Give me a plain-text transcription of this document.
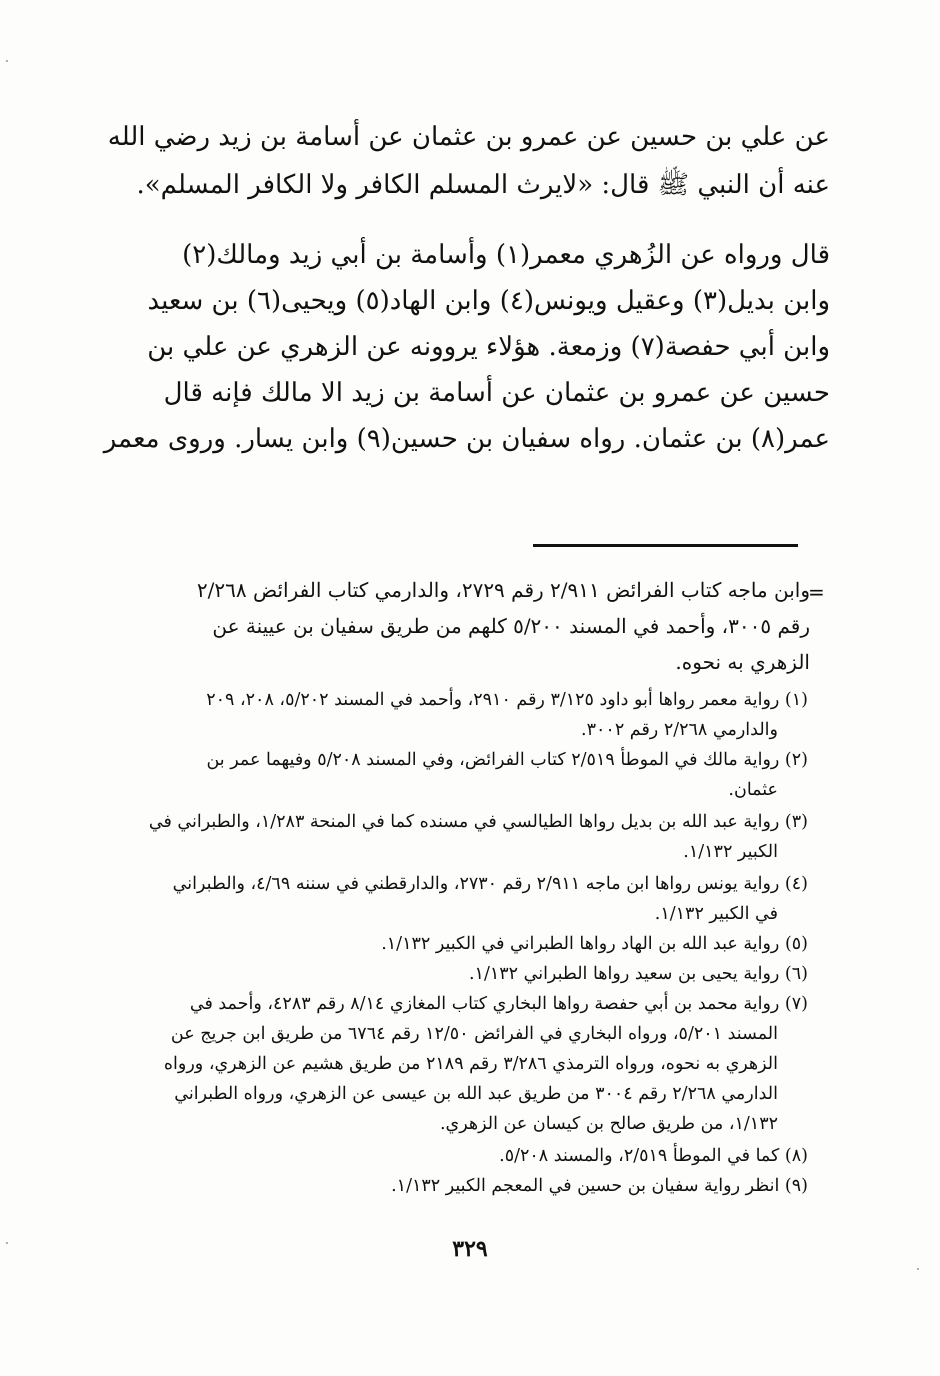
عن علي بن حسين عن عمرو بن عثمان عن أسامة بن زيد رضي الله
عنه أن النبي ﷺ قال: «لايرث المسلم الكافر ولا الكافر المسلم».
قال ورواه عن الزُهري معمر(١) وأسامة بن أبي زيد ومالك(٢)
وابن بديل(٣) وعقيل ويونس(٤) وابن الهاد(٥) ويحيى(٦) بن سعيد
وابن أبي حفصة(٧) وزمعة. هؤلاء يروونه عن الزهري عن علي بن
حسين عن عمرو بن عثمان عن أسامة بن زيد الا مالك فإنه قال
عمر(٨) بن عثمان. رواه سفيان بن حسين(٩) وابن يسار. وروى معمر
=
وابن ماجه كتاب الفرائض ٢/٩١١ رقم ٢٧٢٩، والدارمي كتاب الفرائض ٢/٢٦٨
رقم ٣٠٠٥، وأحمد في المسند ٥/٢٠٠ كلهم من طريق سفيان بن عيينة عن
الزهري به نحوه.
(١) رواية معمر رواها أبو داود ٣/١٢٥ رقم ٢٩١٠، وأحمد في المسند ٥/٢٠٢، ٢٠٨، ٢٠٩
والدارمي ٢/٢٦٨ رقم ٣٠٠٢.
(٢) رواية مالك في الموطأ ٢/٥١٩ كتاب الفرائض، وفي المسند ٥/٢٠٨ وفيهما عمر بن
عثمان.
(٣) رواية عبد الله بن بديل رواها الطيالسي في مسنده كما في المنحة ١/٢٨٣، والطبراني في
الكبير ١/١٣٢.
(٤) رواية يونس رواها ابن ماجه ٢/٩١١ رقم ٢٧٣٠، والدارقطني في سننه ٤/٦٩، والطبراني
في الكبير ١/١٣٢.
(٥) رواية عبد الله بن الهاد رواها الطبراني في الكبير ١/١٣٢.
(٦) رواية يحيى بن سعيد رواها الطبراني ١/١٣٢.
(٧) رواية محمد بن أبي حفصة رواها البخاري كتاب المغازي ٨/١٤ رقم ٤٢٨٣، وأحمد في
المسند ٥/٢٠١، ورواه البخاري في الفرائض ١٢/٥٠ رقم ٦٧٦٤ من طريق ابن جريج عن
الزهري به نحوه، ورواه الترمذي ٣/٢٨٦ رقم ٢١٨٩ من طريق هشيم عن الزهري، ورواه
الدارمي ٢/٢٦٨ رقم ٣٠٠٤ من طريق عبد الله بن عيسى عن الزهري، ورواه الطبراني
١/١٣٢، من طريق صالح بن كيسان عن الزهري.
(٨) كما في الموطأ ٢/٥١٩، والمسند ٥/٢٠٨.
(٩) انظر رواية سفيان بن حسين في المعجم الكبير ١/١٣٢.
٣٢٩
